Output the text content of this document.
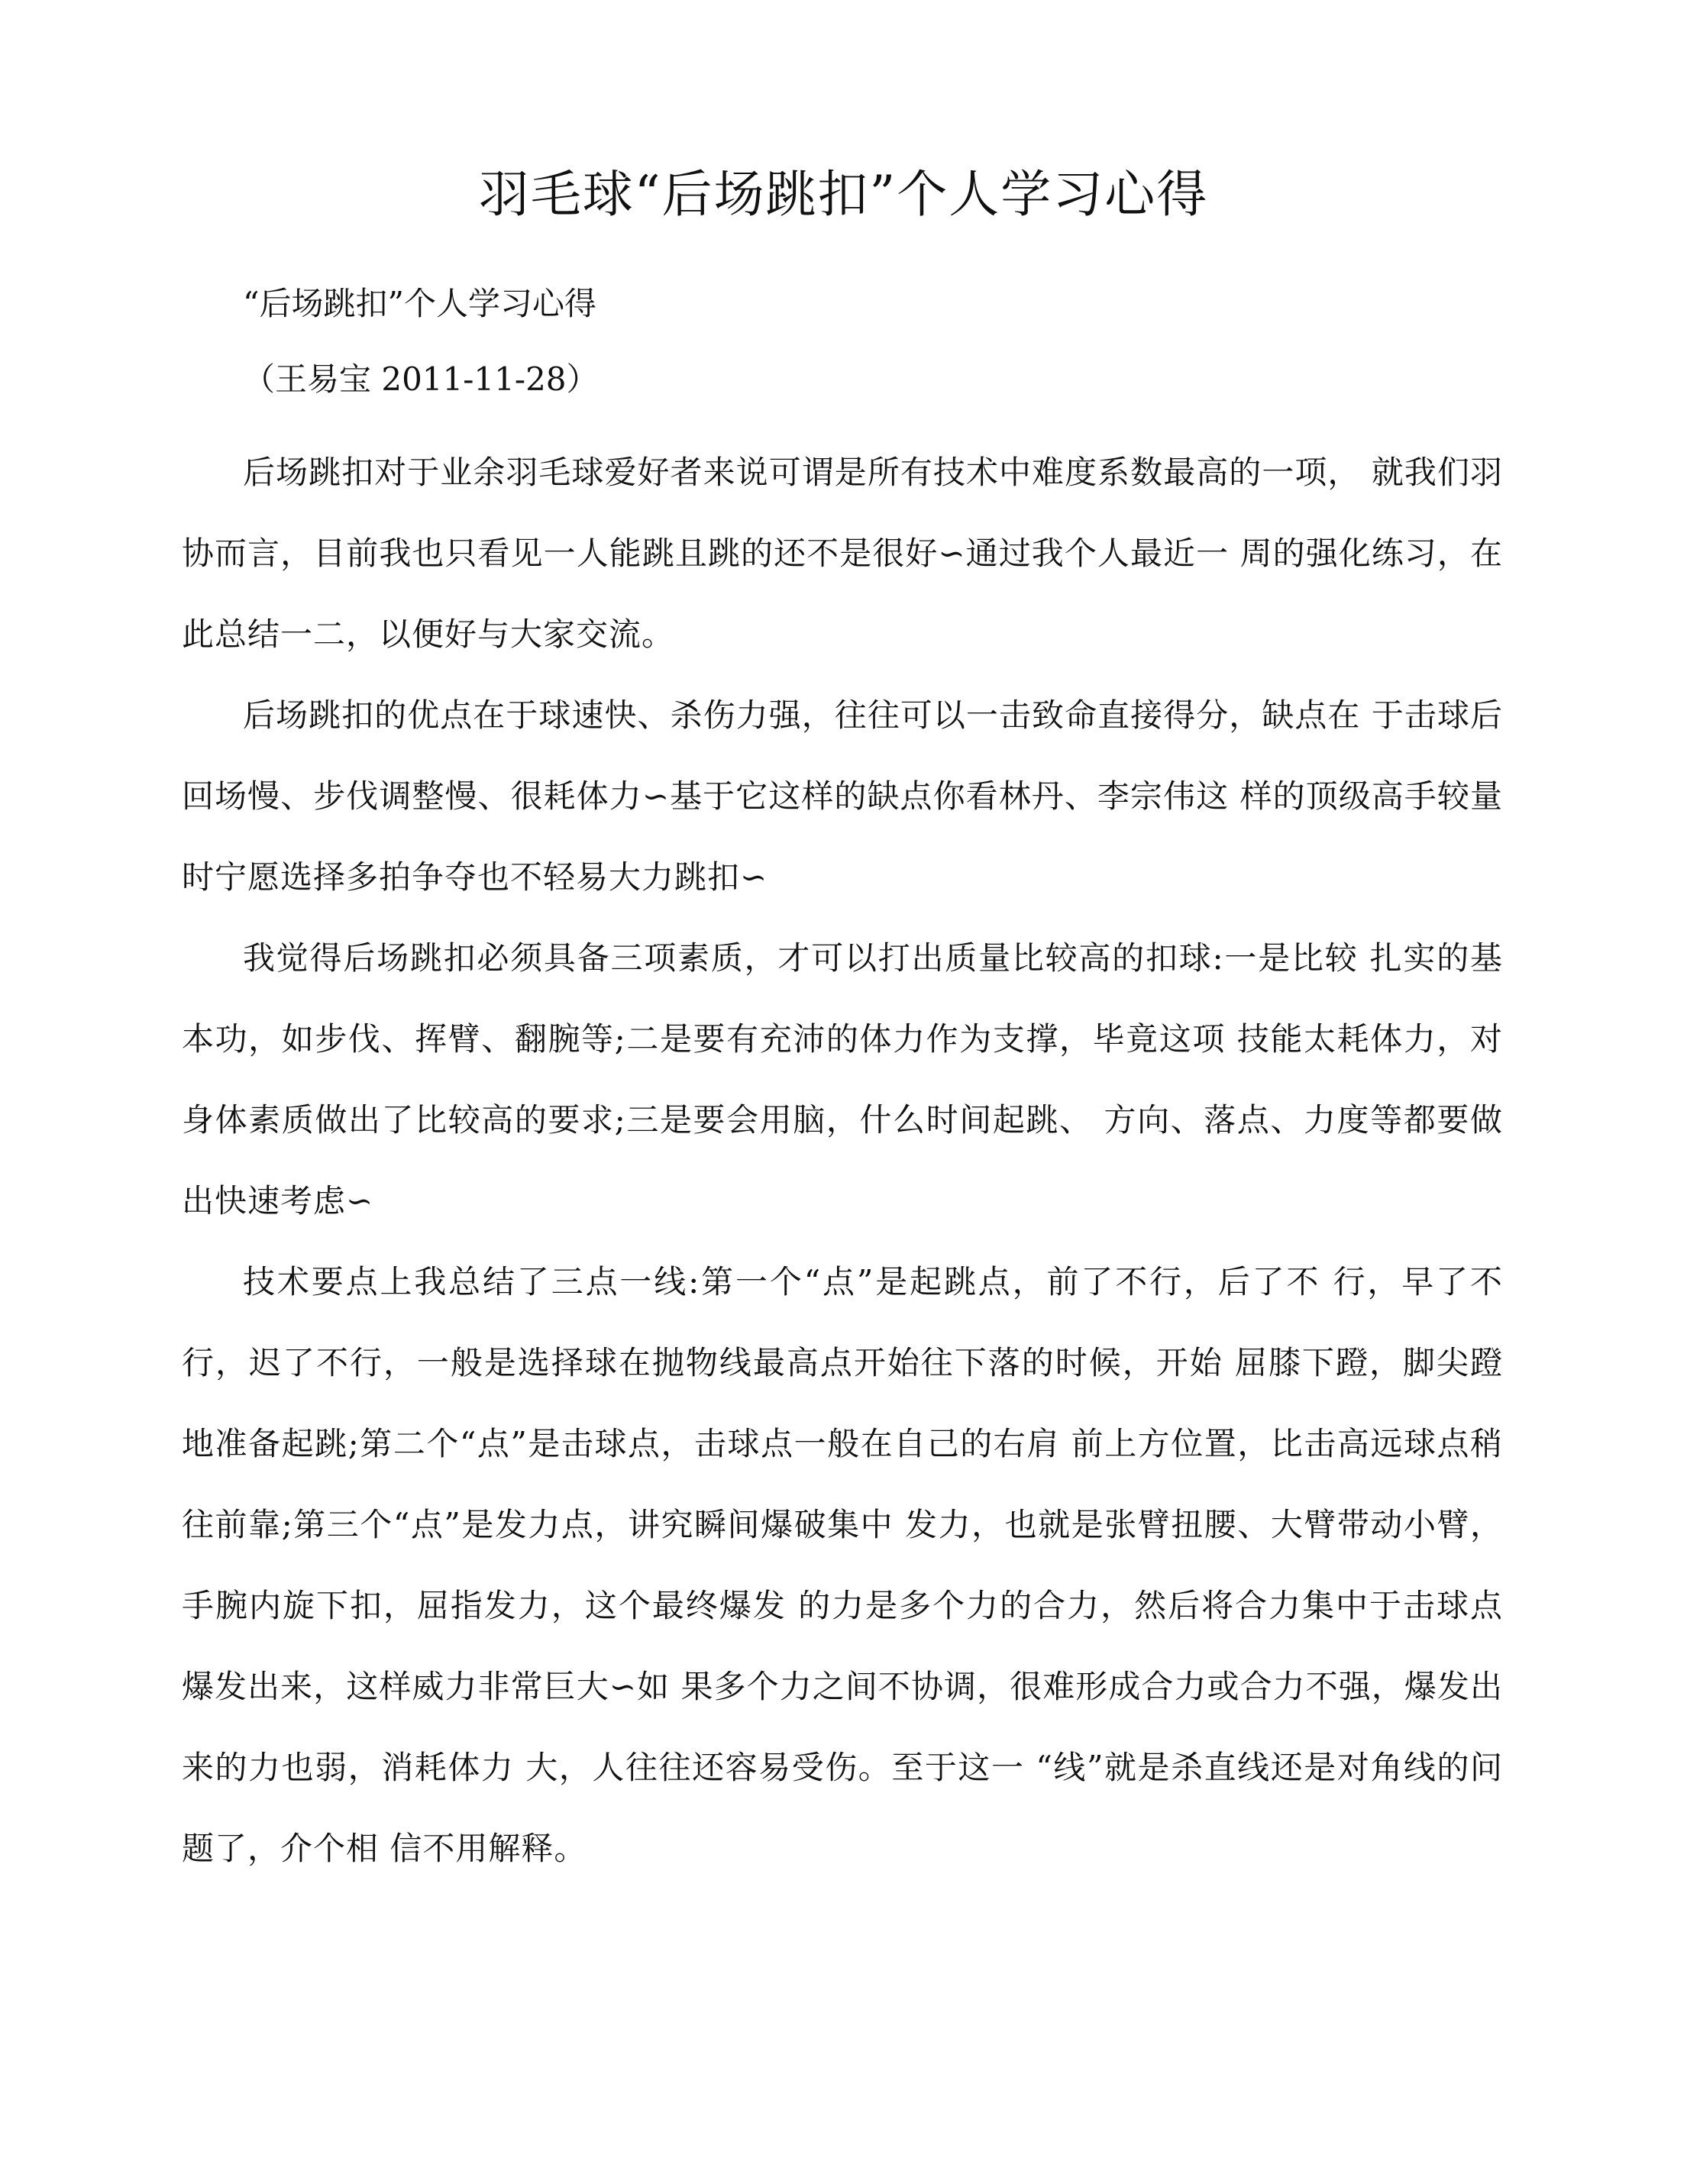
羽毛球“后场跳扣”个人学习心得

“后场跳扣”个人学习心得

（王易宝 2011-11-28）

后场跳扣对于业余羽毛球爱好者来说可谓是所有技术中难度系数最高的一项， 就我们羽协而言，目前我也只看见一人能跳且跳的还不是很好∽通过我个人最近一 周的强化练习，在此总结一二，以便好与大家交流。

后场跳扣的优点在于球速快、杀伤力强，往往可以一击致命直接得分，缺点在 于击球后回场慢、步伐调整慢、很耗体力∽基于它这样的缺点你看林丹、李宗伟这 样的顶级高手较量时宁愿选择多拍争夺也不轻易大力跳扣∽

我觉得后场跳扣必须具备三项素质，才可以打出质量比较高的扣球:一是比较 扎实的基本功，如步伐、挥臂、翻腕等;二是要有充沛的体力作为支撑，毕竟这项 技能太耗体力，对身体素质做出了比较高的要求;三是要会用脑，什么时间起跳、 方向、落点、力度等都要做出快速考虑∽

技术要点上我总结了三点一线:第一个“点”是起跳点，前了不行，后了不 行，早了不行，迟了不行，一般是选择球在抛物线最高点开始往下落的时候，开始 屈膝下蹬，脚尖蹬地准备起跳;第二个“点”是击球点，击球点一般在自己的右肩 前上方位置，比击高远球点稍往前靠;第三个“点”是发力点，讲究瞬间爆破集中 发力，也就是张臂扭腰、大臂带动小臂，手腕内旋下扣，屈指发力，这个最终爆发 的力是多个力的合力，然后将合力集中于击球点爆发出来，这样威力非常巨大∽如 果多个力之间不协调，很难形成合力或合力不强，爆发出来的力也弱，消耗体力 大，人往往还容易受伤。至于这一 “线”就是杀直线还是对角线的问题了，介个相 信不用解释。
